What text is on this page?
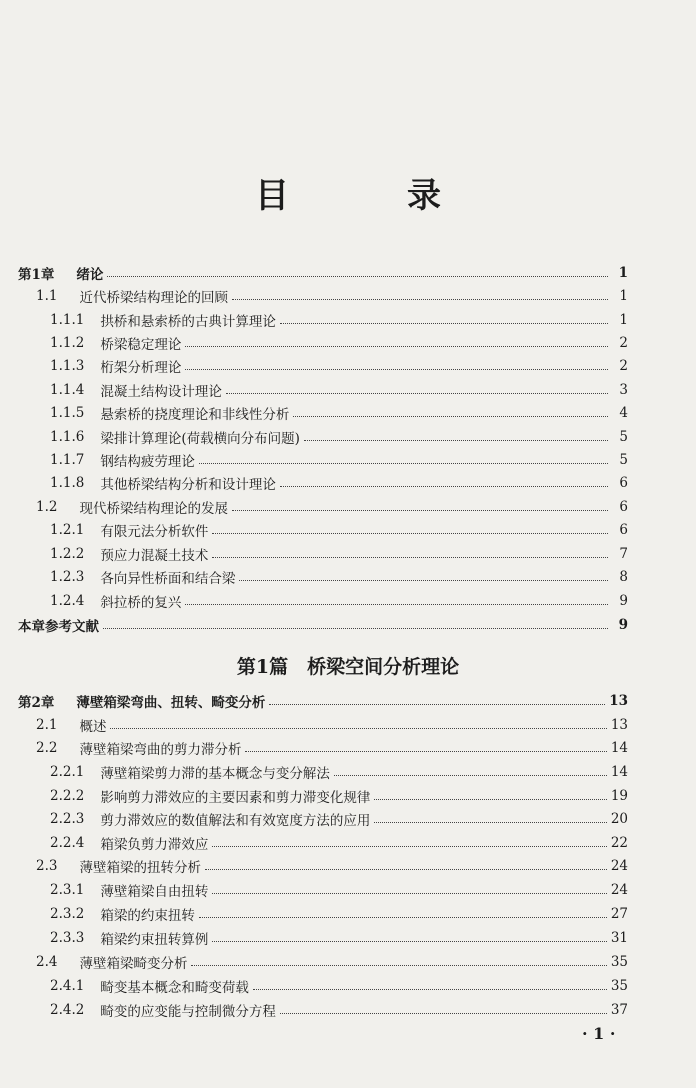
目　录
第1章 绪论	1
1.1 近代桥梁结构理论的回顾	1
1.1.1 拱桥和悬索桥的古典计算理论	1
1.1.2 桥梁稳定理论	2
1.1.3 桁架分析理论	2
1.1.4 混凝土结构设计理论	3
1.1.5 悬索桥的挠度理论和非线性分析	4
1.1.6 梁排计算理论(荷载横向分布问题)	5
1.1.7 钢结构疲劳理论	5
1.1.8 其他桥梁结构分析和设计理论	6
1.2 现代桥梁结构理论的发展	6
1.2.1 有限元法分析软件	6
1.2.2 预应力混凝土技术	7
1.2.3 各向异性桥面和结合梁	8
1.2.4 斜拉桥的复兴	9
本章参考文献	9
第2章 薄壁箱梁弯曲、扭转、畸变分析	13
2.1 概述	13
2.2 薄壁箱梁弯曲的剪力滞分析	14
2.2.1 薄壁箱梁剪力滞的基本概念与变分解法	14
2.2.2 影响剪力滞效应的主要因素和剪力滞变化规律	19
2.2.3 剪力滞效应的数值解法和有效宽度方法的应用	20
2.2.4 箱梁负剪力滞效应	22
2.3 薄壁箱梁的扭转分析	24
2.3.1 薄壁箱梁自由扭转	24
2.3.2 箱梁的约束扭转	27
2.3.3 箱梁约束扭转算例	31
2.4 薄壁箱梁畸变分析	35
2.4.1 畸变基本概念和畸变荷载	35
2.4.2 畸变的应变能与控制微分方程	37
第1篇　桥梁空间分析理论
· 1 ·
